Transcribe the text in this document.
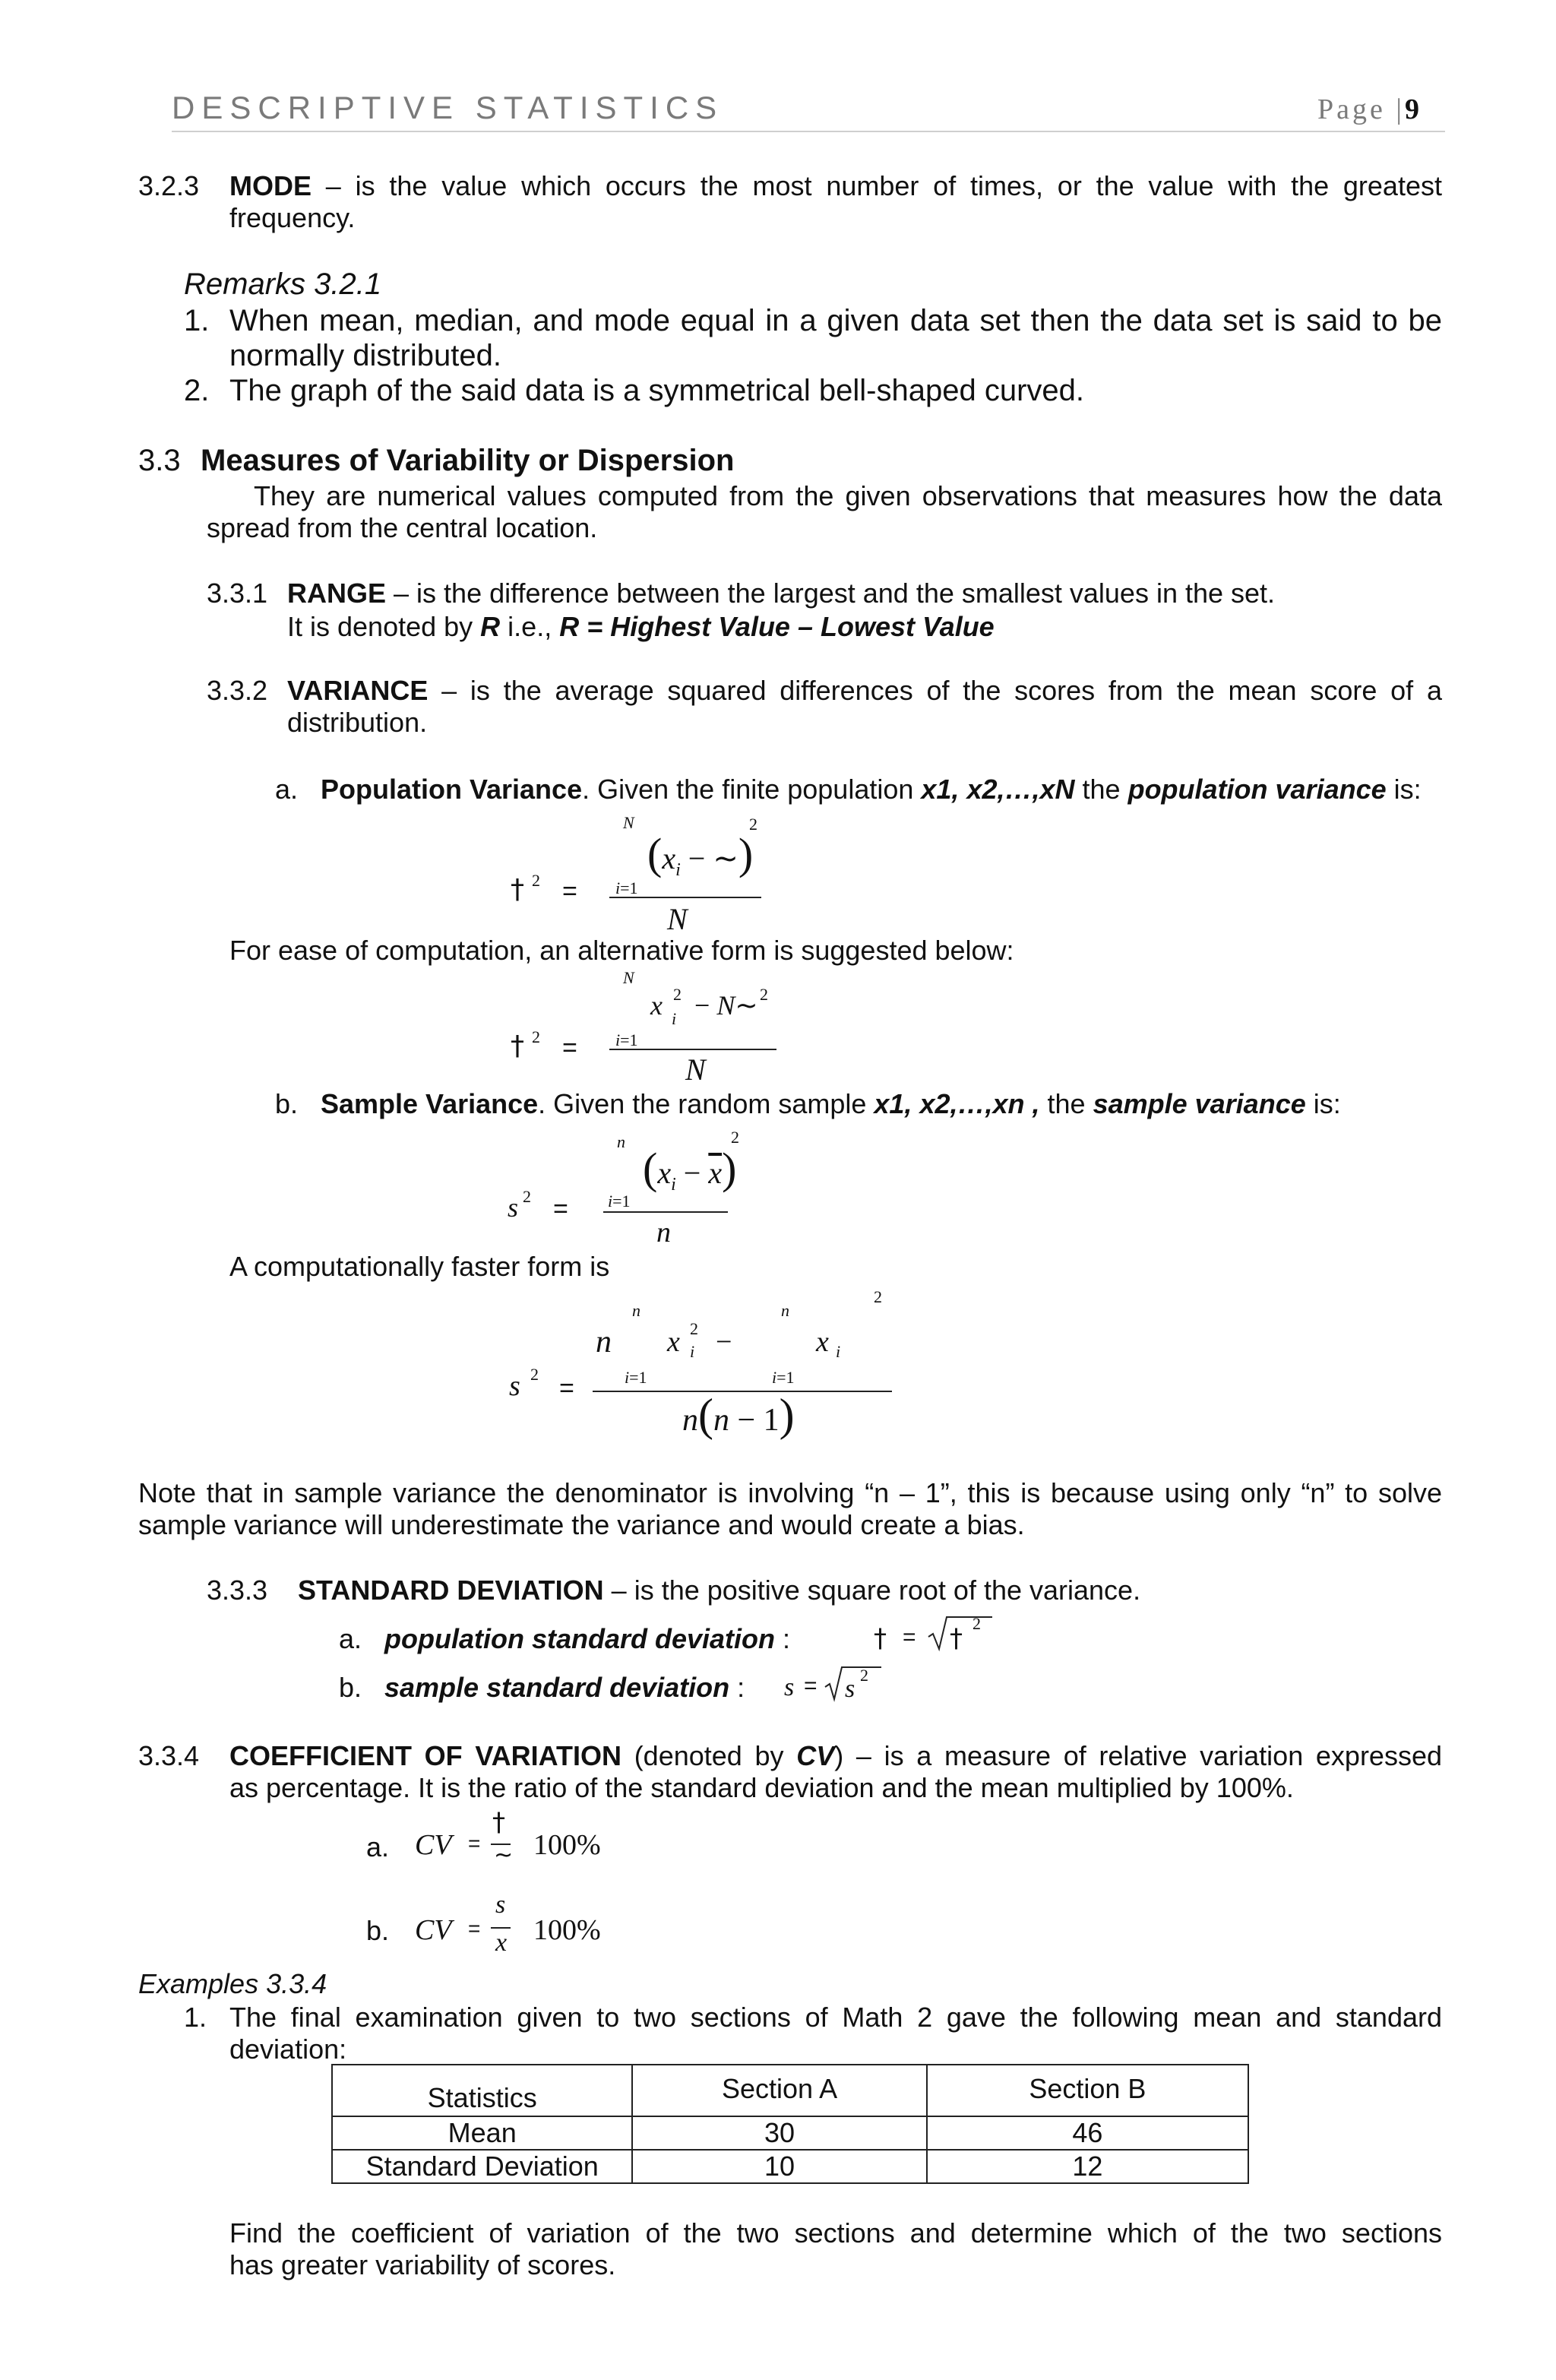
DESCRIPTIVE STATISTICS	Page |9
3.2.3 MODE – is the value which occurs the most number of times, or the value with the greatest
frequency.
Remarks 3.2.1
1. When mean, median, and mode equal in a given data set then the data set is said to be
normally distributed.
2. The graph of the said data is a symmetrical bell-shaped curved.
3.3 Measures of Variability or Dispersion
They are numerical values computed from the given observations that measures how the data
spread from the central location.
3.3.1 RANGE – is the difference between the largest and the smallest values in the set.
It is denoted by R i.e., R = Highest Value – Lowest Value
3.3.2 VARIANCE – is the average squared differences of the scores from the mean score of a
distribution.
a. Population Variance. Given the finite population x1, x2,…,xN the population variance is:
N
($x_i$ − ~)
2
† 2 = i=1
N
For ease of computation, an alternative form is suggested below:
N
x 2
i − N~ 2
† 2 = i=1
N
b. Sample Variance. Given the random sample x1, x2,…,xn , the sample variance is:
n
$(x_i - \overline{x})$
2
s 2 = i=1
n
A computationally faster form is
n	n
2
n x 2
i −	x i
s 2 =	i=1	i=1
n(n − 1)
Note that in sample variance the denominator is involving “n – 1”, this is because using only “n” to solve
sample variance will underestimate the variance and would create a bias.
3.3.3 STANDARD DEVIATION – is the positive square root of the variance.
a. population standard deviation :	† = † 2
b. sample standard deviation : s = s 2
3.3.4 COEFFICIENT OF VARIATION (denoted by CV) – is a measure of relative variation expressed
as percentage. It is the ratio of the standard deviation and the mean multiplied by 100%.
a. CV =
†
~ 100%
b. CV =
s
x 100%
Examples 3.3.4
1. The final examination given to two sections of Math 2 gave the following mean and standard
deviation:
Statistics	Section A	Section B
Mean	30	46
Standard Deviation	10	12
Find the coefficient of variation of the two sections and determine which of the two sections
has greater variability of scores.
